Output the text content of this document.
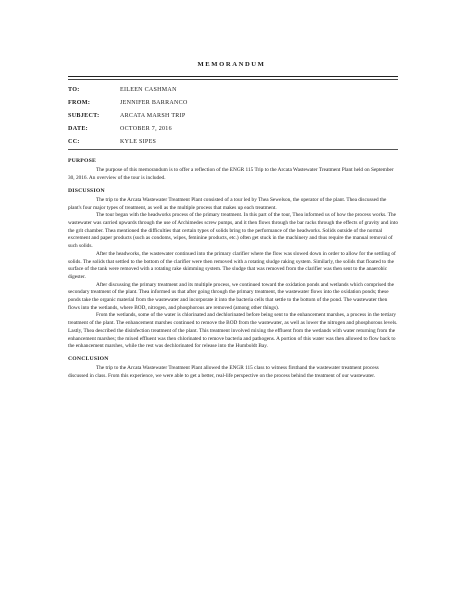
MEMORANDUM
TO:	EILEEN CASHMAN
FROM:	JENNIFER BARRANCO
SUBJECT:	ARCATA MARSH TRIP
DATE:	OCTOBER 7, 2016
CC:	KYLE SIPES
PURPOSE

The purpose of this memorandum is to offer a reflection of the ENGR 115 Trip to the Arcata Wastewater Treatment Plant held on September 30, 2016. An overview of the tour is included.

DISCUSSION

The trip to the Arcata Wastewater Treatment Plant consisted of a tour led by Thea Sewelson, the operator of the plant. Thea discussed the plant's four major types of treatment, as well as the multiple process that makes up each treatment.

The tour began with the headworks process of the primary treatment. In this part of the tour, Thea informed us of how the process works. The wastewater was carried upwards through the use of Archimedes screw pumps, and it then flows through the bar racks through the effects of gravity and into the grit chamber. Thea mentioned the difficulties that certain types of solids bring to the performance of the headworks. Solids outside of the normal excrement and paper products (such as condoms, wipes, feminine products, etc.) often get stuck in the machinery and thus require the manual removal of such solids.

After the headworks, the wastewater continued into the primary clarifier where the flow was slowed down in order to allow for the settling of solids. The solids that settled to the bottom of the clarifier were then removed with a rotating sludge raking system. Similarly, the solids that floated to the surface of the tank were removed with a rotating rake skimming system. The sludge that was removed from the clarifier was then sent to the anaerobic digester.

After discussing the primary treatment and its multiple process, we continued toward the oxidation ponds and wetlands which comprised the secondary treatment of the plant. Thea informed us that after going through the primary treatment, the wastewater flows into the oxidation ponds; these ponds take the organic material from the wastewater and incorporate it into the bacteria cells that settle to the bottom of the pond. The wastewater then flows into the wetlands, where BOD, nitrogen, and phosphorous are removed (among other things).

From the wetlands, some of the water is chlorinated and dechlorinated before being sent to the enhancement marshes, a process in the tertiary treatment of the plant. The enhancement marshes continued to remove the BOD from the wastewater, as well as lower the nitrogen and phosphorous levels. Lastly, Thea described the disinfection treatment of the plant. This treatment involved mixing the effluent from the wetlands with water returning from the enhancement marshes; the mixed effluent was then chlorinated to remove bacteria and pathogens. A portion of this water was then allowed to flow back to the enhancement marshes, while the rest was dechlorinated for release into the Humboldt Bay.

CONCLUSION

The trip to the Arcata Wastewater Treatment Plant allowed the ENGR 115 class to witness firsthand the wastewater treatment process discussed in class. From this experience, we were able to get a better, real-life perspective on the process behind the treatment of our wastewater.
